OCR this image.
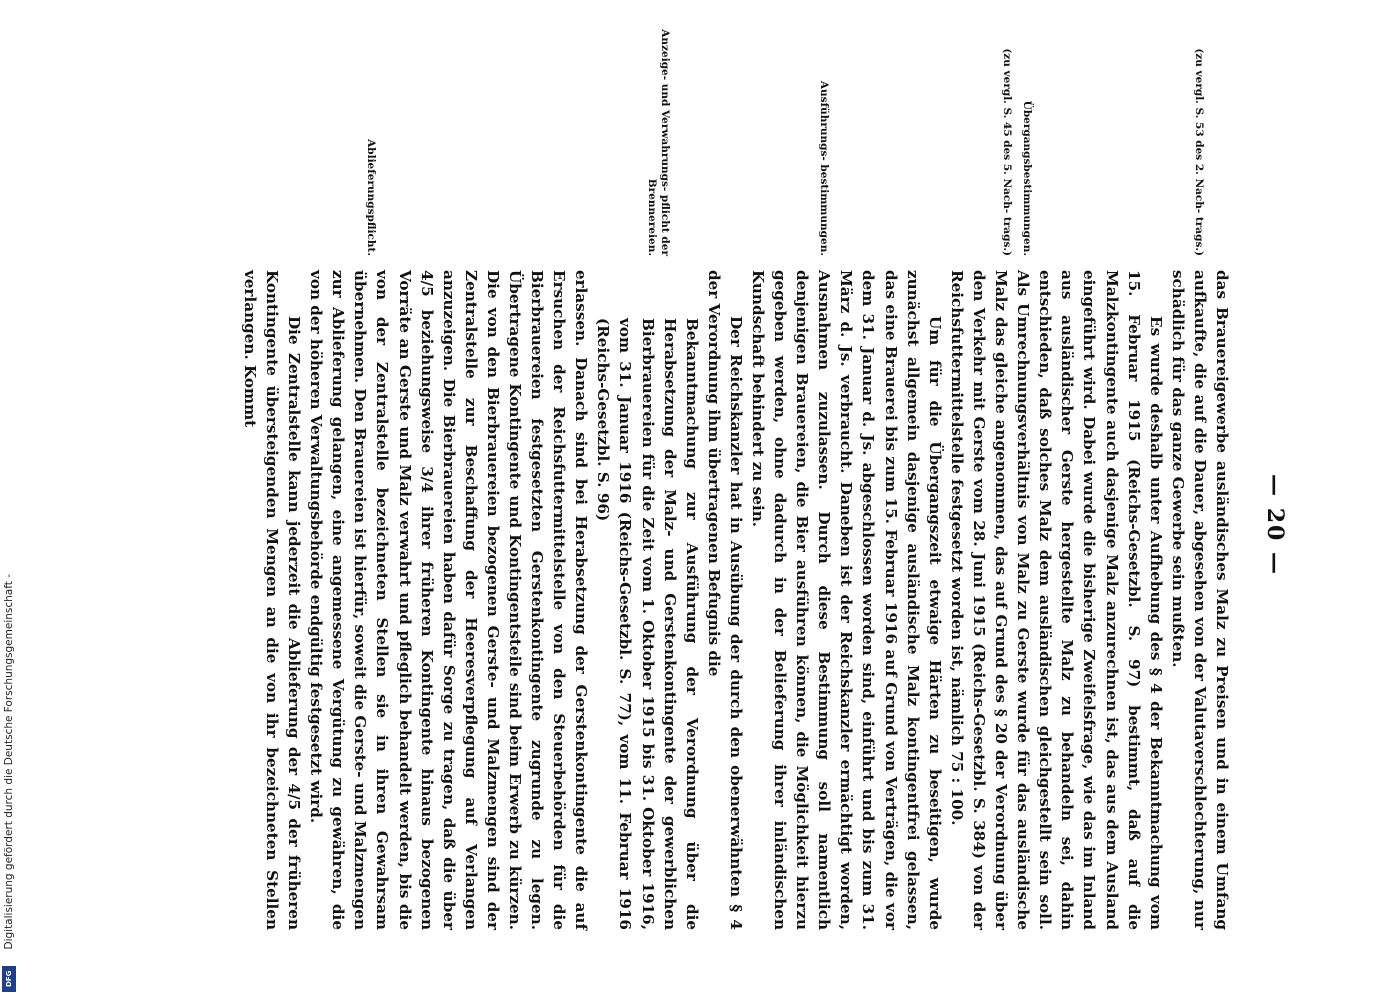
Digitalisierung gefördert durch die Deutsche Forschungsgemeinschaft -
DFG
— 20 —
(zu vergl. S. 53 des 2. Nach- trags.)
Übergangsbestimmungen.
(zu vergl. S. 45 des 5. Nach- trags.)
Ausführungs- bestimmungen.
Anzeige- und Verwahrungs- pflicht der Brennereien.
Ablieferungspflicht.

das Brauereigewerbe ausländisches Malz zu Preisen und in einem Umfang aufkaufte, die auf die Dauer, abgesehen von der Valutaverschlechterung, nur schädlich für das ganze Gewerbe sein mußten.

Es wurde deshalb unter Aufhebung des § 4 der Bekanntmachung vom 15. Februar 1915 (Reichs-Gesetzbl. S. 97) bestimmt, daß auf die Malzkontingente auch dasjenige Malz anzurechnen ist, das aus dem Ausland eingeführt wird. Dabei wurde die bisherige Zweifelsfrage, wie das im Inland aus ausländischer Gerste hergestellte Malz zu behandeln sei, dahin entschieden, daß solches Malz dem ausländischen gleichgestellt sein soll. Als Umrechnungsverhältnis von Malz zu Gerste wurde für das ausländische Malz das gleiche angenommen, das auf Grund des § 20 der Verordnung über den Verkehr mit Gerste vom 28. Juni 1915 (Reichs-Gesetzbl. S. 384) von der Reichsfuttermittelstelle festgesetzt worden ist, nämlich 75 : 100.

Um für die Übergangszeit etwaige Härten zu beseitigen, wurde zunächst allgemein dasjenige ausländische Malz kontingentfrei gelassen, das eine Brauerei bis zum 15. Februar 1916 auf Grund von Verträgen, die vor dem 31. Januar d. Js. abgeschlossen worden sind, einführt und bis zum 31. März d. Js. verbraucht. Daneben ist der Reichskanzler ermächtigt worden, Ausnahmen zuzulassen. Durch diese Bestimmung soll namentlich denjenigen Brauereien, die Bier ausführen können, die Möglichkeit hierzu gegeben werden, ohne dadurch in der Belieferung ihrer inländischen Kundschaft behindert zu sein.

Der Reichskanzler hat in Ausübung der durch den obenerwähnten § 4 der Verordnung ihm übertragenen Befugnis die

Bekanntmachung zur Ausführung der Verordnung über die Herabsetzung der Malz- und Gerstenkontingente der gewerblichen Bierbrauereien für die Zeit vom 1. Oktober 1915 bis 31. Oktober 1916, vom 31. Januar 1916 (Reichs-Gesetzbl. S. 77), vom 11. Februar 1916 (Reichs-Gesetzbl. S. 96)

erlassen. Danach sind bei Herabsetzung der Gerstenkontingente die auf Ersuchen der Reichsfuttermittelstelle von den Steuerbehörden für die Bierbrauereien festgesetzten Gerstenkontingente zugrunde zu legen. Übertragene Kontingente und Kontingentsteile sind beim Erwerb zu kürzen. Die von den Bierbrauereien bezogenen Gerste- und Malzmengen sind der Zentralstelle zur Beschaffung der Heeresverpflegung auf Verlangen anzuzeigen. Die Bierbrauereien haben dafür Sorge zu tragen, daß die über 4/5 beziehungsweise 3/4 ihrer früheren Kontingente hinaus bezogenen Vorräte an Gerste und Malz verwahrt und pfleglich behandelt werden, bis die von der Zentralstelle bezeichneten Stellen sie in ihren Gewahrsam übernehmen. Den Brauereien ist hierfür, soweit die Gerste- und Malzmengen zur Ablieferung gelangen, eine angemessene Vergütung zu gewähren, die von der höheren Verwaltungsbehörde endgültig festgesetzt wird.

Die Zentralstelle kann jederzeit die Ablieferung der 4/5 der früheren Kontingente übersteigenden Mengen an die von ihr bezeichneten Stellen verlangen. Kommt
